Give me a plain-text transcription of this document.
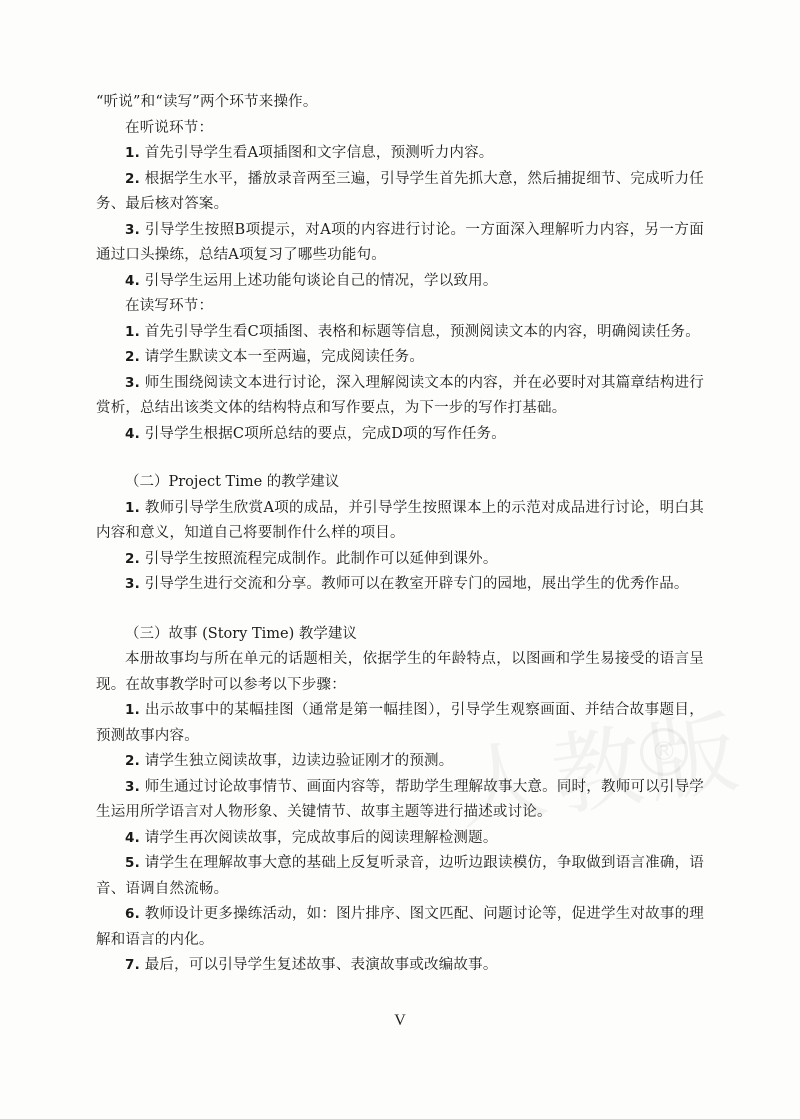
®

“听说”和“读写”两个环节来操作。

在听说环节：

1. 首先引导学生看A项插图和文字信息，预测听力内容。

2. 根据学生水平，播放录音两至三遍，引导学生首先抓大意，然后捕捉细节、完成听力任务、最后核对答案。

3. 引导学生按照B项提示，对A项的内容进行讨论。一方面深入理解听力内容，另一方面通过口头操练，总结A项复习了哪些功能句。

4. 引导学生运用上述功能句谈论自己的情况，学以致用。

在读写环节：

1. 首先引导学生看C项插图、表格和标题等信息，预测阅读文本的内容，明确阅读任务。

2. 请学生默读文本一至两遍，完成阅读任务。

3. 师生围绕阅读文本进行讨论，深入理解阅读文本的内容，并在必要时对其篇章结构进行赏析，总结出该类文体的结构特点和写作要点，为下一步的写作打基础。

4. 引导学生根据C项所总结的要点，完成D项的写作任务。

（二）Project Time 的教学建议

1. 教师引导学生欣赏A项的成品，并引导学生按照课本上的示范对成品进行讨论，明白其内容和意义，知道自己将要制作什么样的项目。

2. 引导学生按照流程完成制作。此制作可以延伸到课外。

3. 引导学生进行交流和分享。教师可以在教室开辟专门的园地，展出学生的优秀作品。

（三）故事 (Story Time) 教学建议

本册故事均与所在单元的话题相关，依据学生的年龄特点，以图画和学生易接受的语言呈现。在故事教学时可以参考以下步骤：

1. 出示故事中的某幅挂图（通常是第一幅挂图），引导学生观察画面、并结合故事题目，预测故事内容。

2. 请学生独立阅读故事，边读边验证刚才的预测。

3. 师生通过讨论故事情节、画面内容等，帮助学生理解故事大意。同时，教师可以引导学生运用所学语言对人物形象、关键情节、故事主题等进行描述或讨论。

4. 请学生再次阅读故事，完成故事后的阅读理解检测题。

5. 请学生在理解故事大意的基础上反复听录音，边听边跟读模仿，争取做到语言准确，语音、语调自然流畅。

6. 教师设计更多操练活动，如：图片排序、图文匹配、问题讨论等，促进学生对故事的理解和语言的内化。

7. 最后，可以引导学生复述故事、表演故事或改编故事。

V
